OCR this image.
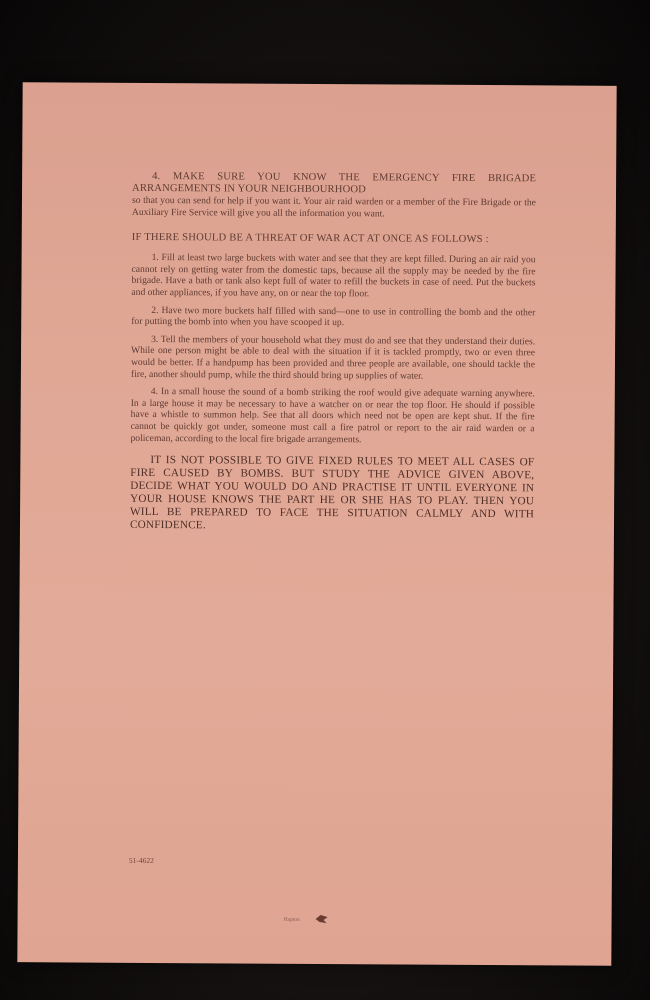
4. MAKE SURE YOU KNOW THE EMERGENCY FIRE BRIGADE ARRANGEMENTS IN YOUR NEIGHBOURHOOD

so that you can send for help if you want it. Your air raid warden or a member of the Fire Brigade or the Auxiliary Fire Service will give you all the information you want.

IF THERE SHOULD BE A THREAT OF WAR ACT AT ONCE AS FOLLOWS :

1. Fill at least two large buckets with water and see that they are kept filled. During an air raid you cannot rely on getting water from the domestic taps, because all the supply may be needed by the fire brigade. Have a bath or tank also kept full of water to refill the buckets in case of need. Put the buckets and other appliances, if you have any, on or near the top floor.

2. Have two more buckets half filled with sand—one to use in controlling the bomb and the other for putting the bomb into when you have scooped it up.

3. Tell the members of your household what they must do and see that they understand their duties. While one person might be able to deal with the situation if it is tackled promptly, two or even three would be better. If a handpump has been provided and three people are available, one should tackle the fire, another should pump, while the third should bring up supplies of water.

4. In a small house the sound of a bomb striking the roof would give adequate warning anywhere. In a large house it may be necessary to have a watcher on or near the top floor. He should if possible have a whistle to summon help. See that all doors which need not be open are kept shut. If the fire cannot be quickly got under, someone must call a fire patrol or report to the air raid warden or a policeman, according to the local fire brigade arrangements.

IT IS NOT POSSIBLE TO GIVE FIXED RULES TO MEET ALL CASES OF FIRE CAUSED BY BOMBS. BUT STUDY THE ADVICE GIVEN ABOVE, DECIDE WHAT YOU WOULD DO AND PRACTISE IT UNTIL EVERYONE IN YOUR HOUSE KNOWS THE PART HE OR SHE HAS TO PLAY. THEN YOU WILL BE PREPARED TO FACE THE SITUATION CALMLY AND WITH CONFIDENCE.

51-4622
Hapton
